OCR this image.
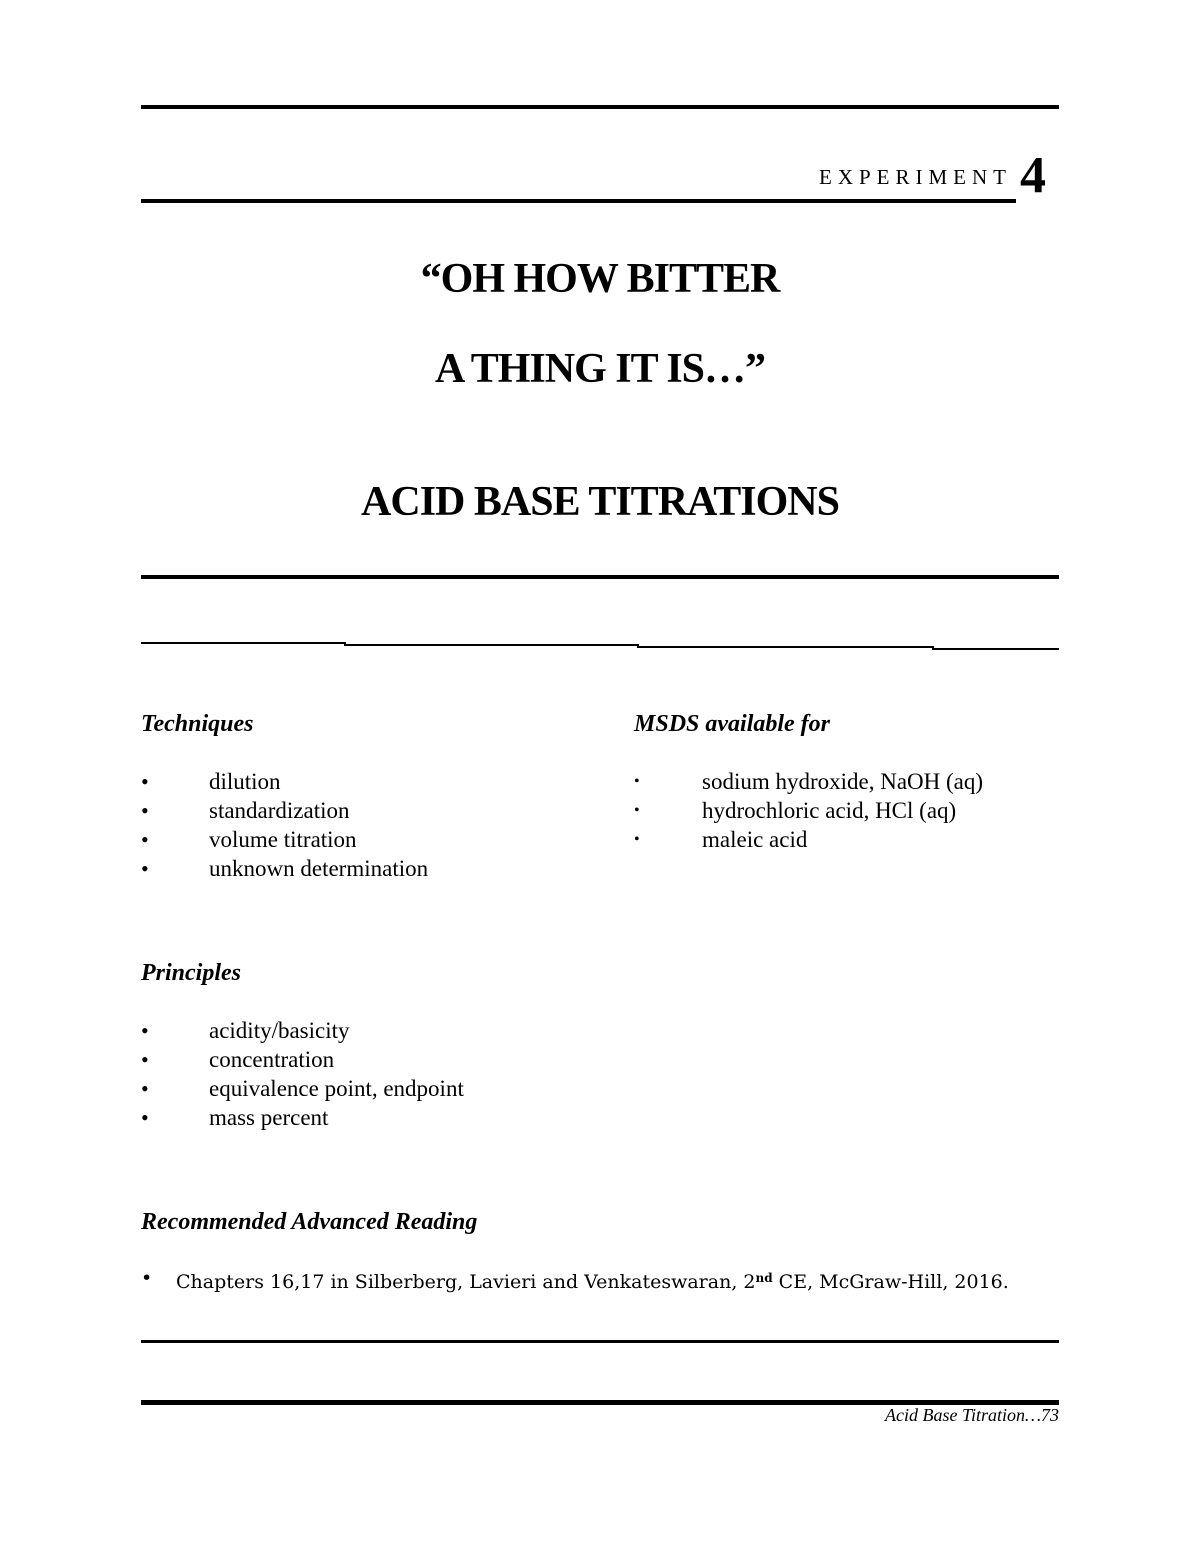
EXPERIMENT 4
“OH HOW BITTER
A THING IT IS…”
ACID BASE TITRATIONS
Techniques
• dilution
• standardization
• volume titration
• unknown determination
MSDS available for
• sodium hydroxide, NaOH (aq)
• hydrochloric acid, HCl (aq)
• maleic acid
Principles
• acidity/basicity
• concentration
• equivalence point, endpoint
• mass percent
Recommended Advanced Reading
• Chapters 16,17 in Silberberg, Lavieri and Venkateswaran, 2nd CE, McGraw-Hill, 2016.
Acid Base Titration…73
